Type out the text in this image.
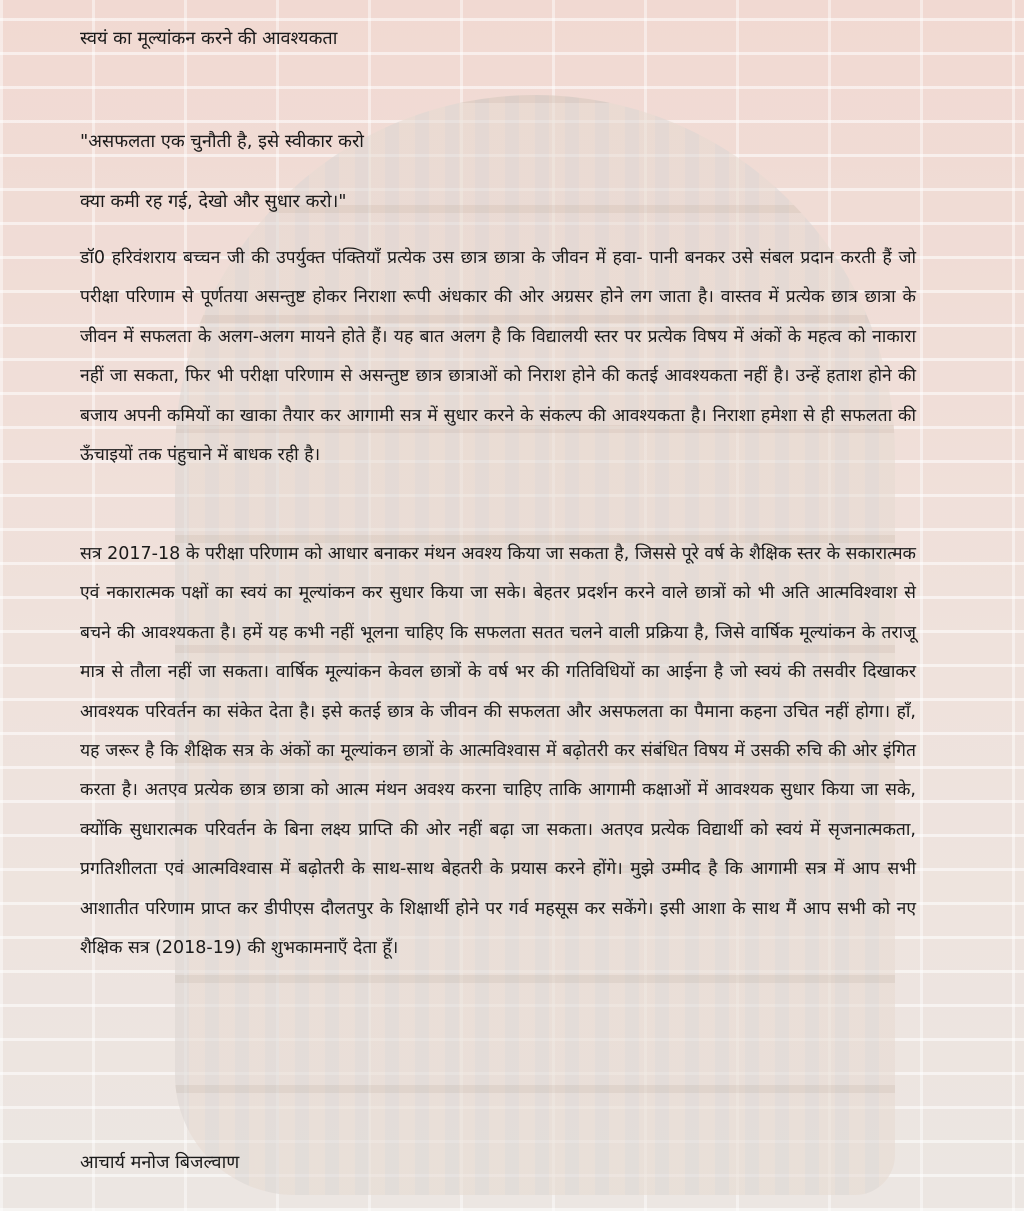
स्वयं का मूल्यांकन करने की आवश्यकता
"असफलता एक चुनौती है, इसे स्वीकार करो
क्या कमी रह गई, देखो और सुधार करो।"

डॉ0 हरिवंशराय बच्चन जी की उपर्युक्त पंक्तियाँ प्रत्येक उस छात्र छात्रा के जीवन में हवा- पानी बनकर उसे संबल प्रदान करती हैं जो परीक्षा परिणाम से पूर्णतया असन्तुष्ट होकर निराशा रूपी अंधकार की ओर अग्रसर होने लग जाता है। वास्तव में प्रत्येक छात्र छात्रा के जीवन में सफलता के अलग-अलग मायने होते हैं। यह बात अलग है कि विद्यालयी स्तर पर प्रत्येक विषय में अंकों के महत्व को नाकारा नहीं जा सकता, फिर भी परीक्षा परिणाम से असन्तुष्ट छात्र छात्राओं को निराश होने की कतई आवश्यकता नहीं है। उन्हें हताश होने की बजाय अपनी कमियों का खाका तैयार कर आगामी सत्र में सुधार करने के संकल्प की आवश्यकता है। निराशा हमेशा से ही सफलता की ऊँचाइयों तक पंहुचाने में बाधक रही है।

सत्र 2017-18 के परीक्षा परिणाम को आधार बनाकर मंथन अवश्य किया जा सकता है, जिससे पूरे वर्ष के शैक्षिक स्तर के सकारात्मक एवं नकारात्मक पक्षों का स्वयं का मूल्यांकन कर सुधार किया जा सके। बेहतर प्रदर्शन करने वाले छात्रों को भी अति आत्मविश्वाश से बचने की आवश्यकता है। हमें यह कभी नहीं भूलना चाहिए कि सफलता सतत चलने वाली प्रक्रिया है, जिसे वार्षिक मूल्यांकन के तराजू मात्र से तौला नहीं जा सकता। वार्षिक मूल्यांकन केवल छात्रों के वर्ष भर की गतिविधियों का आईना है जो स्वयं की तसवीर दिखाकर आवश्यक परिवर्तन का संकेत देता है। इसे कतई छात्र के जीवन की सफलता और असफलता का पैमाना कहना उचित नहीं होगा। हाँ, यह जरूर है कि शैक्षिक सत्र के अंकों का मूल्यांकन छात्रों के आत्मविश्वास में बढ़ोतरी कर संबंधित विषय में उसकी रुचि की ओर इंगित करता है। अतएव प्रत्येक छात्र छात्रा को आत्म मंथन अवश्य करना चाहिए ताकि आगामी कक्षाओं में आवश्यक सुधार किया जा सके, क्योंकि सुधारात्मक परिवर्तन के बिना लक्ष्य प्राप्ति की ओर नहीं बढ़ा जा सकता। अतएव प्रत्येक विद्यार्थी को स्वयं में सृजनात्मकता, प्रगतिशीलता एवं आत्मविश्वास में बढ़ोतरी के साथ-साथ बेहतरी के प्रयास करने होंगे। मुझे उम्मीद है कि आगामी सत्र में आप सभी आशातीत परिणाम प्राप्त कर डीपीएस दौलतपुर के शिक्षार्थी होने पर गर्व महसूस कर सकेंगे। इसी आशा के साथ मैं आप सभी को नए शैक्षिक सत्र (2018-19) की शुभकामनाएँ देता हूँ।

आचार्य मनोज बिजल्वाण
